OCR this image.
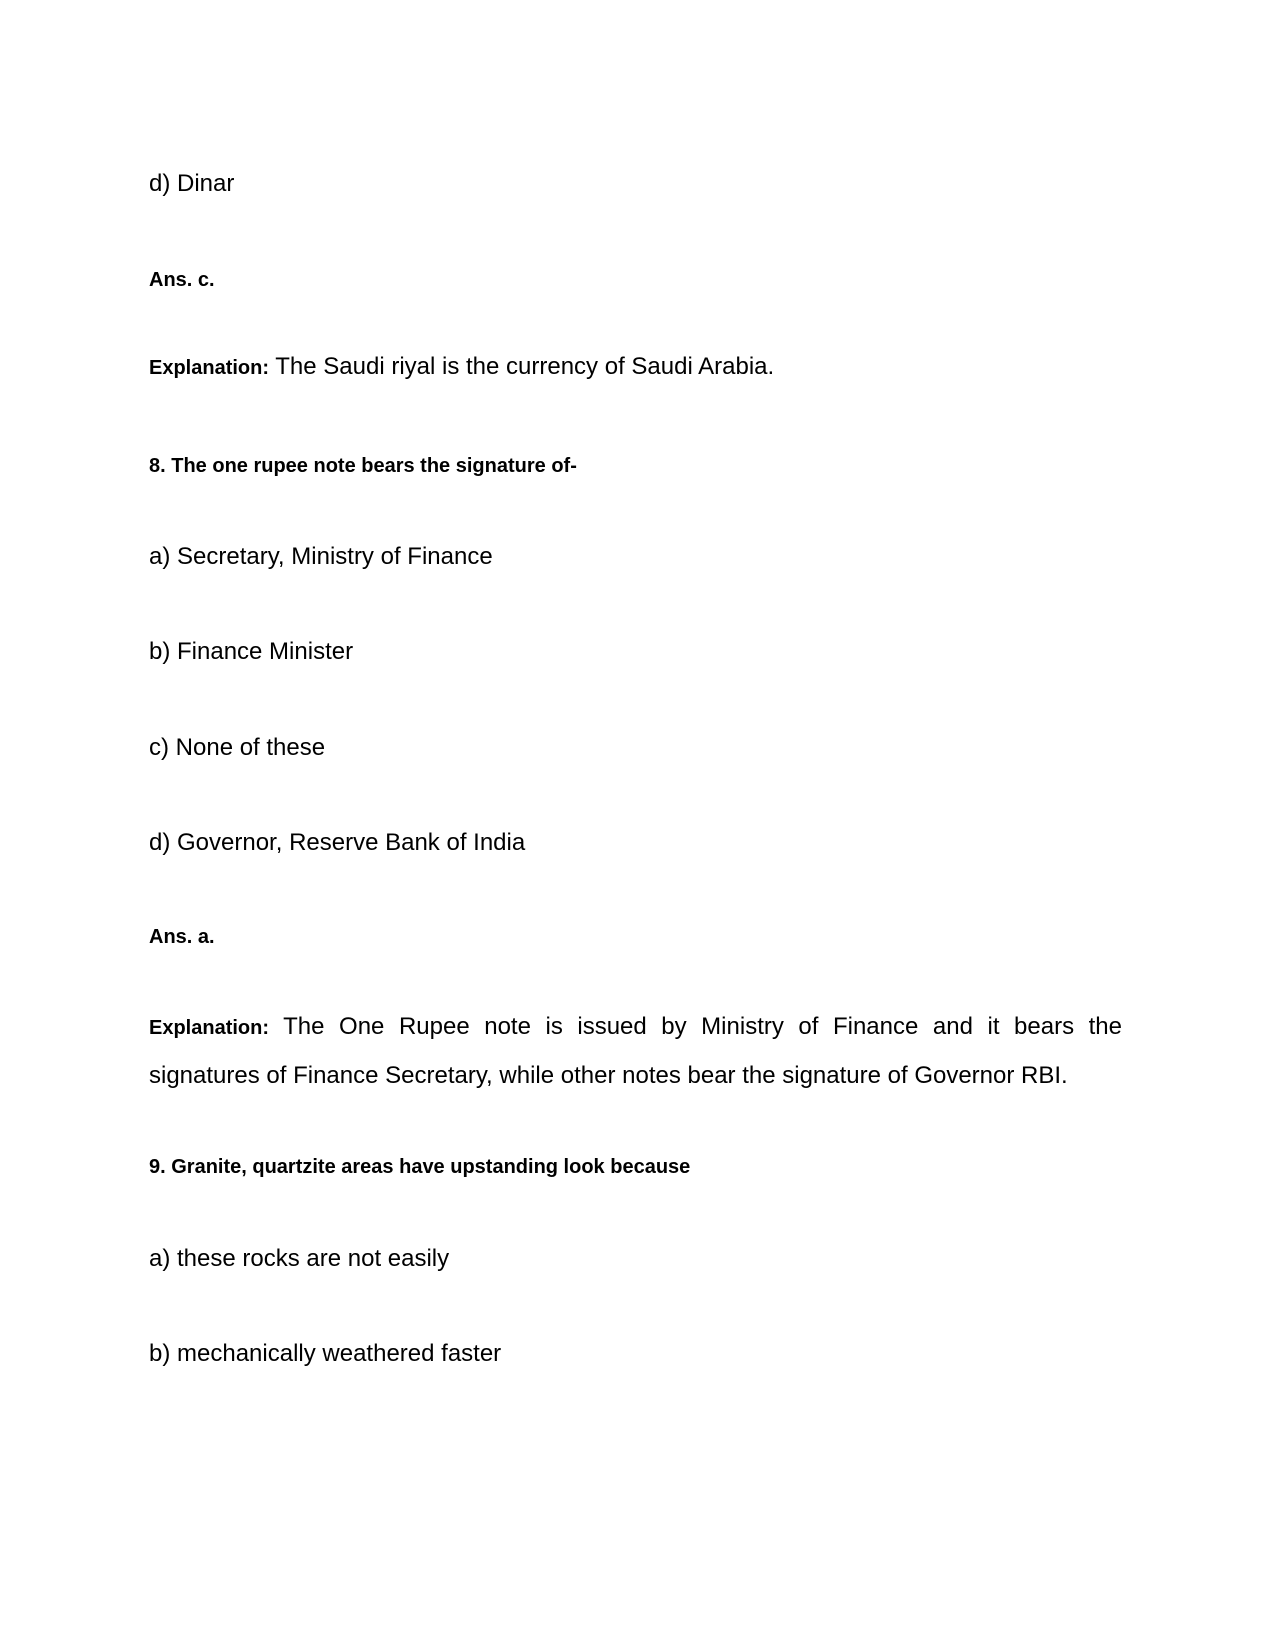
d) Dinar
Ans. c.
Explanation: The Saudi riyal is the currency of Saudi Arabia.
8. The one rupee note bears the signature of-
a) Secretary, Ministry of Finance
b) Finance Minister
c) None of these
d) Governor, Reserve Bank of India
Ans. a.
Explanation: The One Rupee note is issued by Ministry of Finance and it bears the signatures of Finance Secretary, while other notes bear the signature of Governor RBI.
9. Granite, quartzite areas have upstanding look because
a) these rocks are not easily
b) mechanically weathered faster
